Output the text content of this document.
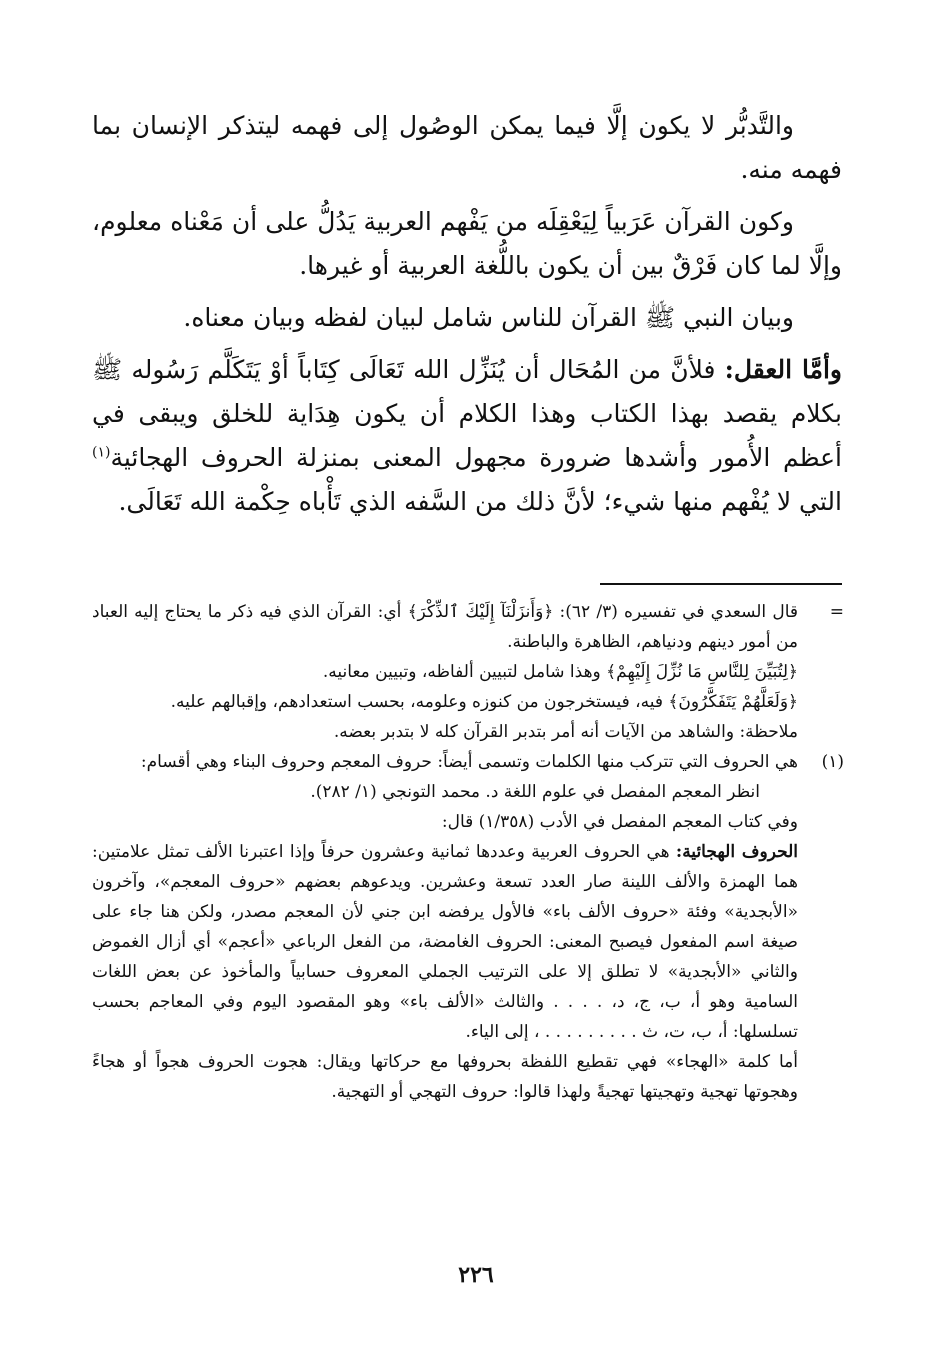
والتَّدبُّر لا يكون إلَّا فيما يمكن الوصُول إلى فهمه ليتذكر الإنسان بما فهمه منه.

وكون القرآن عَرَبياً لِيَعْقِلَه من يَفْهم العربية يَدُلُّ على أن مَعْناه معلوم، وإلَّا لما كان فَرْقٌ بين أن يكون باللُّغة العربية أو غيرها.

وبيان النبي ﷺ القرآن للناس شامل لبيان لفظه وبيان معناه.

وأمَّا العقل: فلأنَّ من المُحَال أن يُنَزِّل الله تَعَالَى كِتَاباً أوْ يَتَكَلَّم رَسُوله ﷺ بكلام يقصد بهذا الكتاب وهذا الكلام أن يكون هِدَاية للخلق ويبقى في أعظم الأُمور وأشدها ضرورة مجهول المعنى بمنزلة الحروف الهجائية$^{(١)}$ التي لا يُفْهم منها شيء؛ لأنَّ ذلك من السَّفه الذي تَأْباه حِكْمة الله تَعَالَى.

=

قال السعدي في تفسيره (٣/ ٦٢): ﴿وَأَنزَلْنَآ إِلَيْكَ ٱلذِّكْرَ﴾ أي: القرآن الذي فيه ذكر ما يحتاج إليه العباد من أمور دينهم ودنياهم، الظاهرة والباطنة.

﴿لِتُبَيِّنَ لِلنَّاسِ مَا نُزِّلَ إِلَيْهِمْ﴾ وهذا شامل لتبيين ألفاظه، وتبيين معانيه.

﴿وَلَعَلَّهُمْ يَتَفَكَّرُونَ﴾ فيه، فيستخرجون من كنوزه وعلومه، بحسب استعدادهم، وإقبالهم عليه.

ملاحظة: والشاهد من الآيات أنه أمر بتدبر القرآن كله لا بتدبر بعضه.

(١)

هي الحروف التي تتركب منها الكلمات وتسمى أيضاً: حروف المعجم وحروف البناء وهي أقسام:

انظر المعجم المفصل في علوم اللغة د. محمد التونجي (١/ ٢٨٢).

وفي كتاب المعجم المفصل في الأدب (١/٣٥٨) قال:

الحروف الهجائية: هي الحروف العربية وعددها ثمانية وعشرون حرفاً وإذا اعتبرنا الألف تمثل علامتين: هما الهمزة والألف اللينة صار العدد تسعة وعشرين. ويدعوهم بعضهم «حروف المعجم»، وآخرون «الأبجدية» وفئة «حروف الألف باء» فالأول يرفضه ابن جني لأن المعجم مصدر، ولكن هنا جاء على صيغة اسم المفعول فيصبح المعنى: الحروف الغامضة، من الفعل الرباعي «أعجم» أي أزال الغموض والثاني «الأبجدية» لا تطلق إلا على الترتيب الجملي المعروف حسابياً والمأخوذ عن بعض اللغات السامية وهو أ، ب، ج، د، . . . . والثالث «الألف باء» وهو المقصود اليوم وفي المعاجم بحسب تسلسلها: أ، ب، ت، ث . . . . . . . . . ، إلى الياء.

أما كلمة «الهجاء» فهي تقطيع اللفظة بحروفها مع حركاتها ويقال: هجوت الحروف هجواً أو هجاءً وهجوتها تهجية وتهجيتها تهجيةً ولهذا قالوا: حروف التهجي أو التهجية.

٢٢٦
